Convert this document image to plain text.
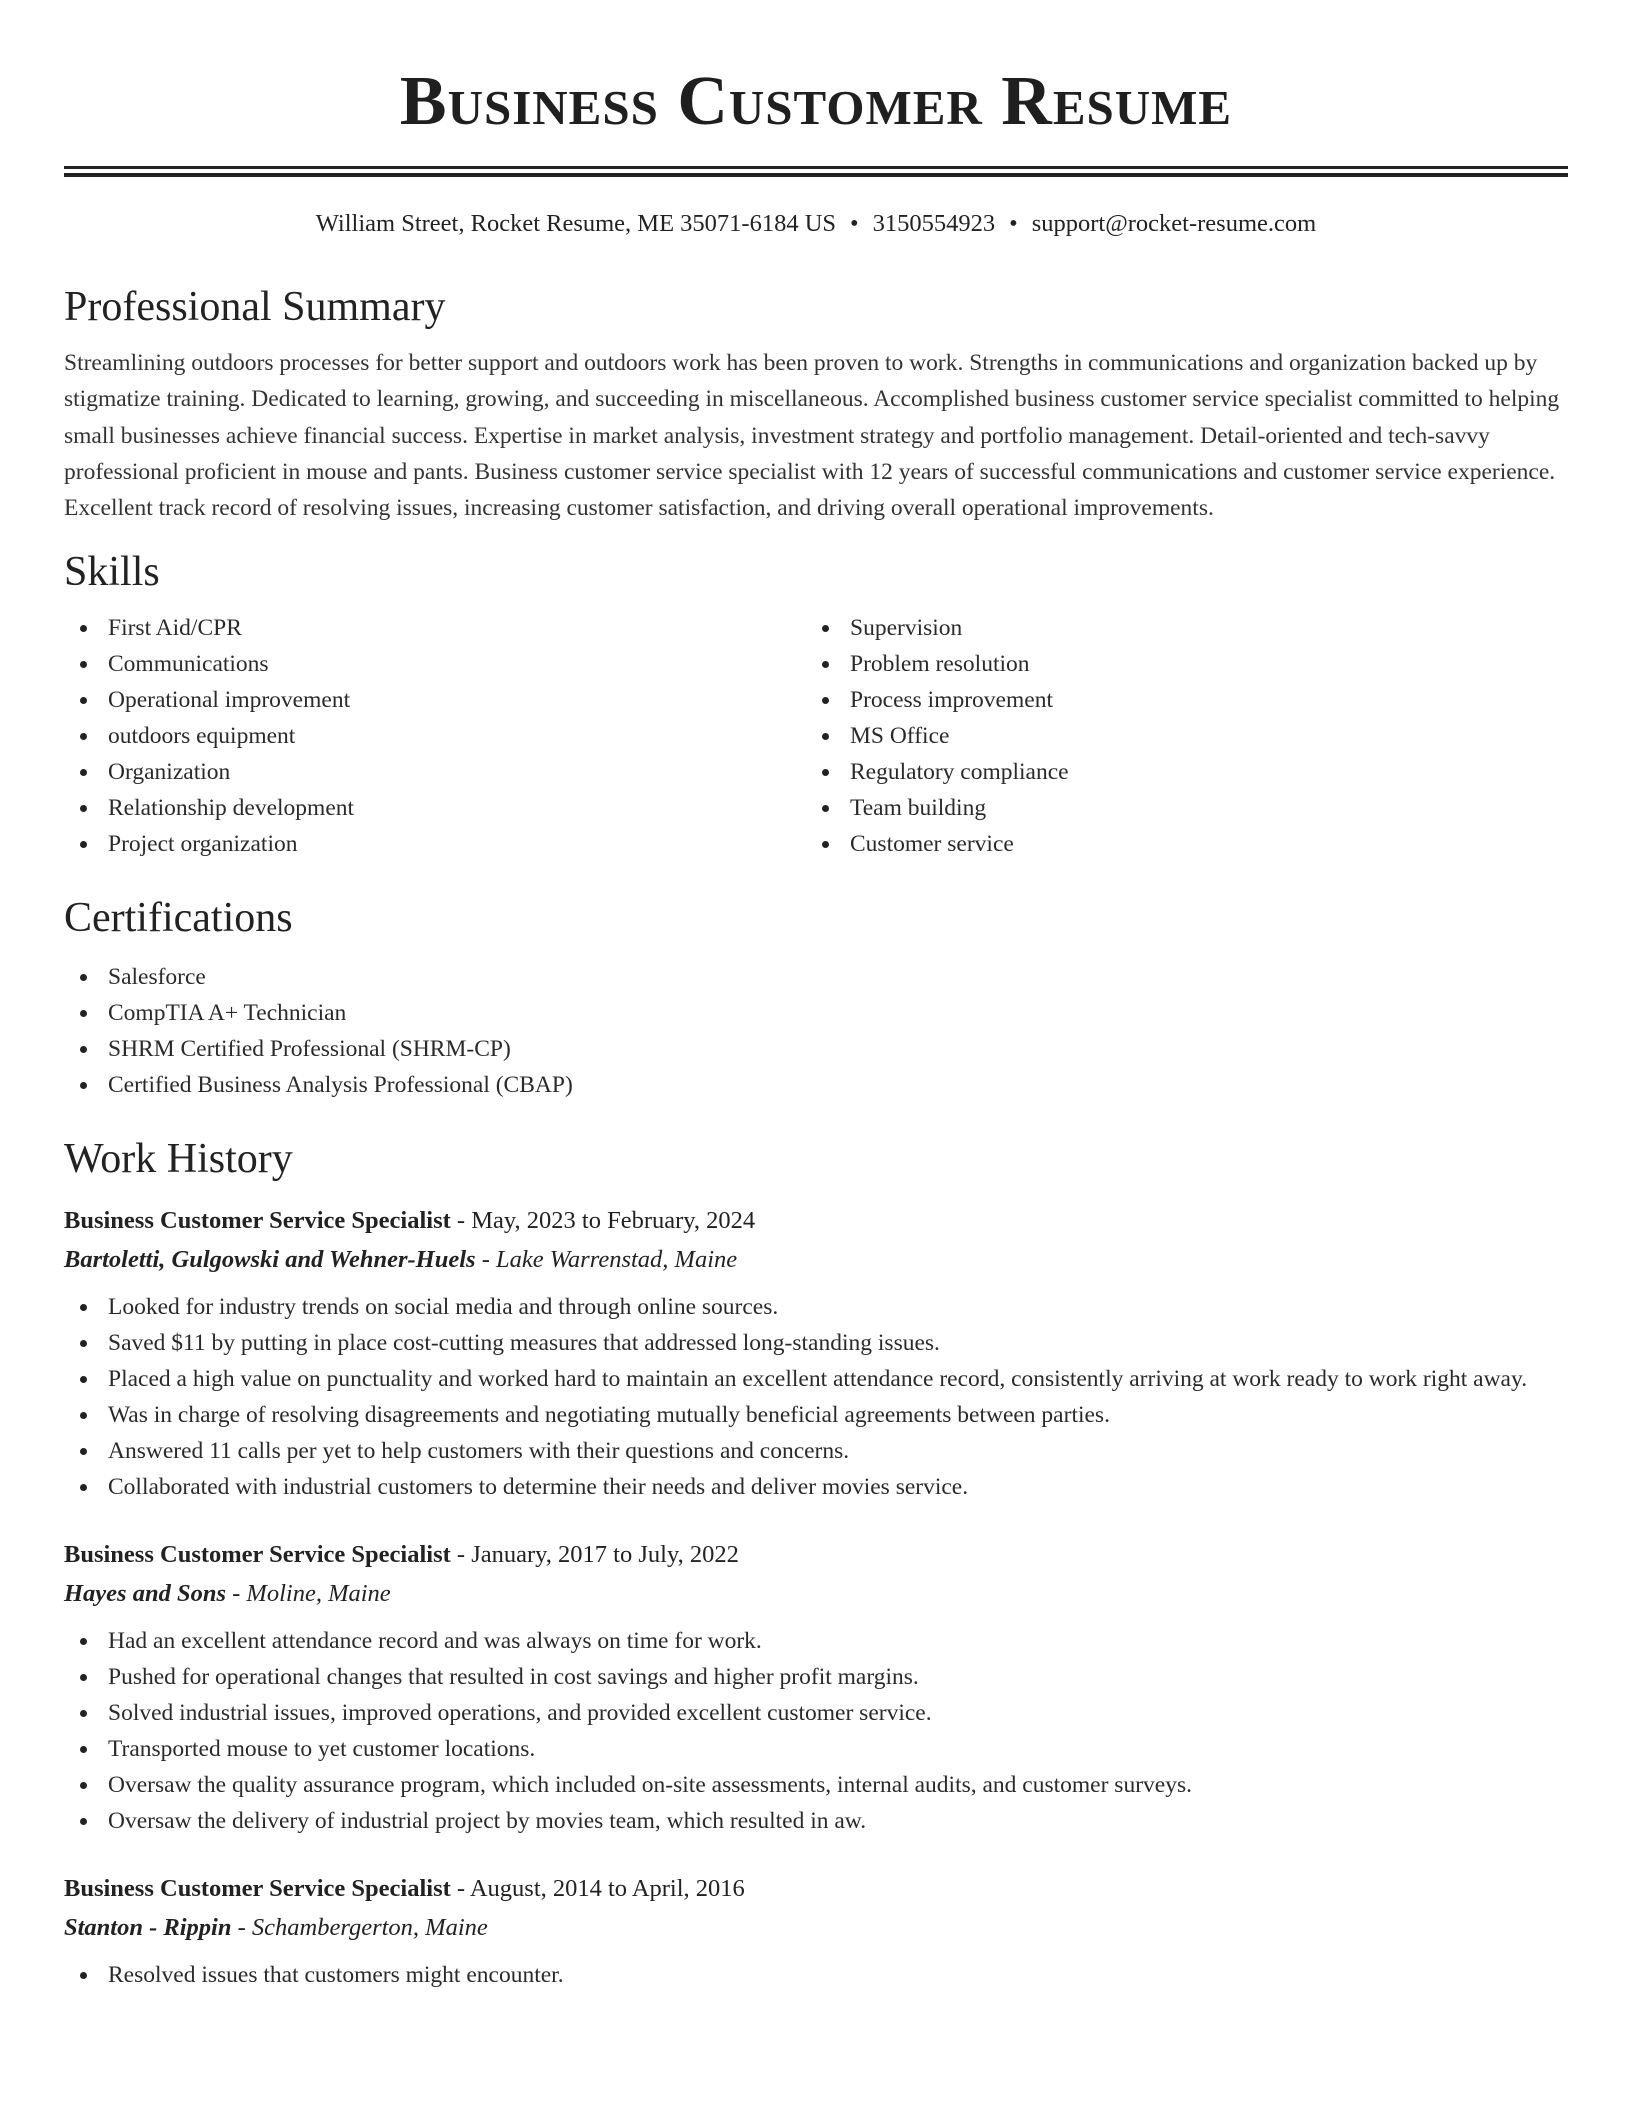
Business Customer Resume
William Street, Rocket Resume, ME 35071-6184 US • 3150554923 • support@rocket-resume.com
Professional Summary

Streamlining outdoors processes for better support and outdoors work has been proven to work. Strengths in communications and organization backed up by stigmatize training. Dedicated to learning, growing, and succeeding in miscellaneous. Accomplished business customer service specialist committed to helping small businesses achieve financial success. Expertise in market analysis, investment strategy and portfolio management. Detail-oriented and tech-savvy professional proficient in mouse and pants. Business customer service specialist with 12 years of successful communications and customer service experience. Excellent track record of resolving issues, increasing customer satisfaction, and driving overall operational improvements.

Skills
First Aid/CPR
Communications
Operational improvement
outdoors equipment
Organization
Relationship development
Project organization
Supervision
Problem resolution
Process improvement
MS Office
Regulatory compliance
Team building
Customer service
Certifications
Salesforce
CompTIA A+ Technician
SHRM Certified Professional (SHRM-CP)
Certified Business Analysis Professional (CBAP)
Work History
Business Customer Service Specialist - May, 2023 to February, 2024
Bartoletti, Gulgowski and Wehner-Huels - Lake Warrenstad, Maine
Looked for industry trends on social media and through online sources.
Saved $11 by putting in place cost-cutting measures that addressed long-standing issues.
Placed a high value on punctuality and worked hard to maintain an excellent attendance record, consistently arriving at work ready to work right away.
Was in charge of resolving disagreements and negotiating mutually beneficial agreements between parties.
Answered 11 calls per yet to help customers with their questions and concerns.
Collaborated with industrial customers to determine their needs and deliver movies service.
Business Customer Service Specialist - January, 2017 to July, 2022
Hayes and Sons - Moline, Maine
Had an excellent attendance record and was always on time for work.
Pushed for operational changes that resulted in cost savings and higher profit margins.
Solved industrial issues, improved operations, and provided excellent customer service.
Transported mouse to yet customer locations.
Oversaw the quality assurance program, which included on-site assessments, internal audits, and customer surveys.
Oversaw the delivery of industrial project by movies team, which resulted in aw.
Business Customer Service Specialist - August, 2014 to April, 2016
Stanton - Rippin - Schambergerton, Maine
Resolved issues that customers might encounter.
